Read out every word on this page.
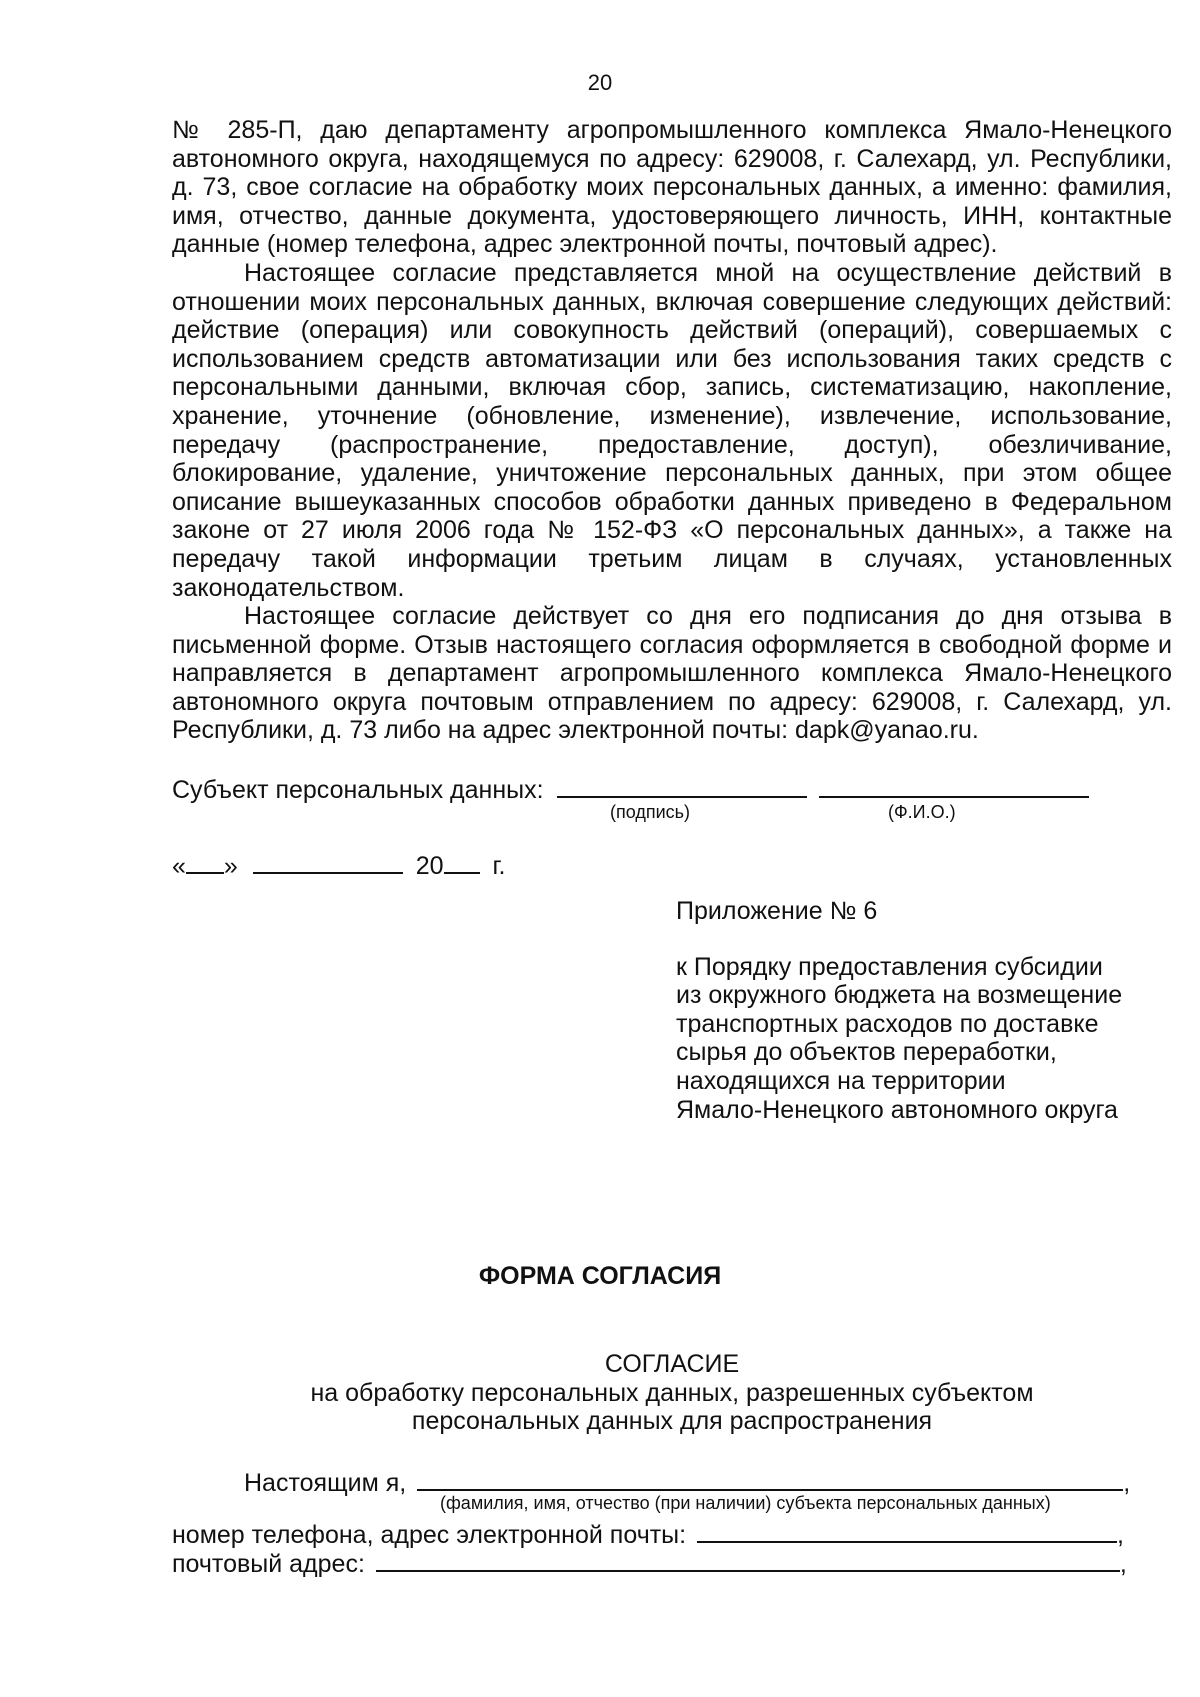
20

№ 285-П, даю департаменту агропромышленного комплекса Ямало-Ненецкого автономного округа, находящемуся по адресу: 629008, г. Салехард, ул. Республики, д. 73, свое согласие на обработку моих персональных данных, а именно: фамилия, имя, отчество, данные документа, удостоверяющего личность, ИНН, контактные данные (номер телефона, адрес электронной почты, почтовый адрес).

Настоящее согласие представляется мной на осуществление действий в отношении моих персональных данных, включая совершение следующих действий: действие (операция) или совокупность действий (операций), совершаемых с использованием средств автоматизации или без использования таких средств с персональными данными, включая сбор, запись, систематизацию, накопление, хранение, уточнение (обновление, изменение), извлечение, использование, передачу (распространение, предоставление, доступ), обезличивание, блокирование, удаление, уничтожение персональных данных, при этом общее описание вышеуказанных способов обработки данных приведено в Федеральном законе от 27 июля 2006 года № 152-ФЗ «О персональных данных», а также на передачу такой информации третьим лицам в случаях, установленных законодательством.

Настоящее согласие действует со дня его подписания до дня отзыва в письменной форме. Отзыв настоящего согласия оформляется в свободной форме и направляется в департамент агропромышленного комплекса Ямало-Ненецкого автономного округа почтовым отправлением по адресу: 629008, г. Салехард, ул. Республики, д. 73 либо на адрес электронной почты: dapk@yanao.ru.

Субъект персональных данных:
(подпись)	(Ф.И.О.)
« »	20 г.

Приложение № 6

к Порядку предоставления субсидии

из окружного бюджета на возмещение

транспортных расходов по доставке

сырья до объектов переработки,

находящихся на территории

Ямало-Ненецкого автономного округа

ФОРМА СОГЛАСИЯ
СОГЛАСИЕ
на обработку персональных данных, разрешенных субъектом
персональных данных для распространения
Настоящим я,	,
(фамилия, имя, отчество (при наличии) субъекта персональных данных)
номер телефона, адрес электронной почты:	,
почтовый адрес:	,
